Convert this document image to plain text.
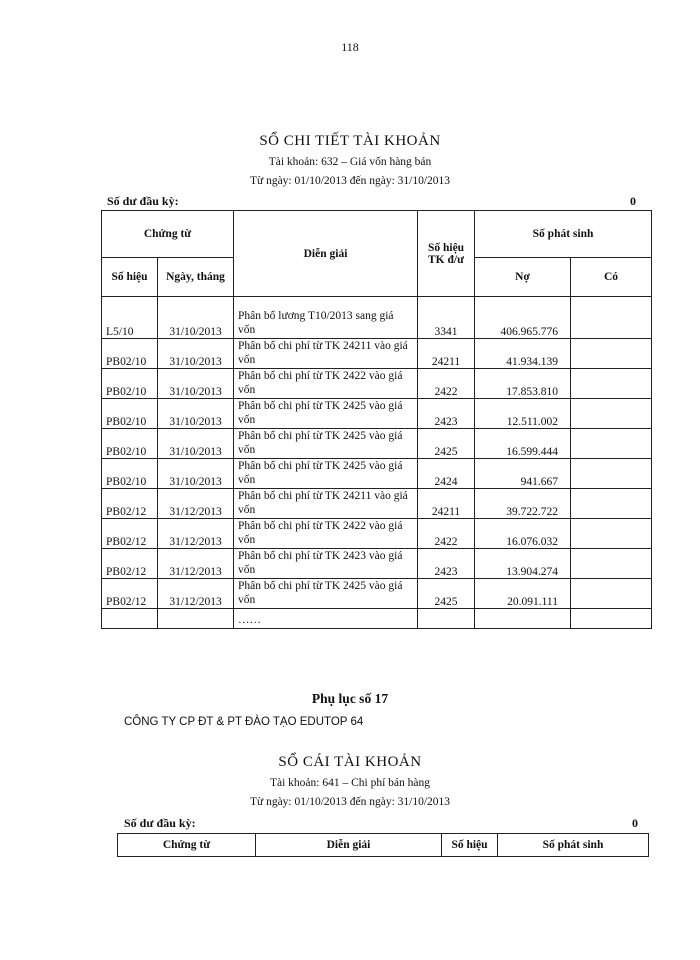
118
SỔ CHI TIẾT TÀI KHOẢN
Tài khoản: 632 – Giá vốn hàng bán
Từ ngày: 01/10/2013 đến ngày: 31/10/2013
Số dư đầu kỳ:	0
Chứng từ		Diễn giải	Số hiệu TK đ/ư	Số phát sinh	
Số hiệu	Ngày, tháng			Nợ	Có
L5/10	31/10/2013	Phân bổ lương T10/2013 sang giá vốn	3341	406.965.776	
PB02/10	31/10/2013	Phân bổ chi phí từ TK 24211 vào giá vốn	24211	41.934.139	
PB02/10	31/10/2013	Phân bổ chi phí từ TK 2422 vào giá vốn	2422	17.853.810	
PB02/10	31/10/2013	Phân bổ chi phí từ TK 2425 vào giá vốn	2423	12.511.002	
PB02/10	31/10/2013	Phân bổ chi phí từ TK 2425 vào giá vốn	2425	16.599.444	
PB02/10	31/10/2013	Phân bổ chi phí từ TK 2425 vào giá vốn	2424	941.667	
PB02/12	31/12/2013	Phân bổ chi phí từ TK 24211 vào giá vốn	24211	39.722.722	
PB02/12	31/12/2013	Phân bổ chi phí từ TK 2422 vào giá vốn	2422	16.076.032	
PB02/12	31/12/2013	Phân bổ chi phí từ TK 2423 vào giá vốn	2423	13.904.274	
PB02/12	31/12/2013	Phân bổ chi phí từ TK 2425 vào giá vốn	2425	20.091.111	
		……			
Phụ lục số 17
CÔNG TY CP ĐT & PT ĐÀO TẠO EDUTOP 64
SỔ CÁI TÀI KHOẢN
Tài khoản: 641 – Chi phí bán hàng
Từ ngày: 01/10/2013 đến ngày: 31/10/2013
Số dư đầu kỳ:	0
Chứng từ	Diễn giải	Số hiệu	Số phát sinh
